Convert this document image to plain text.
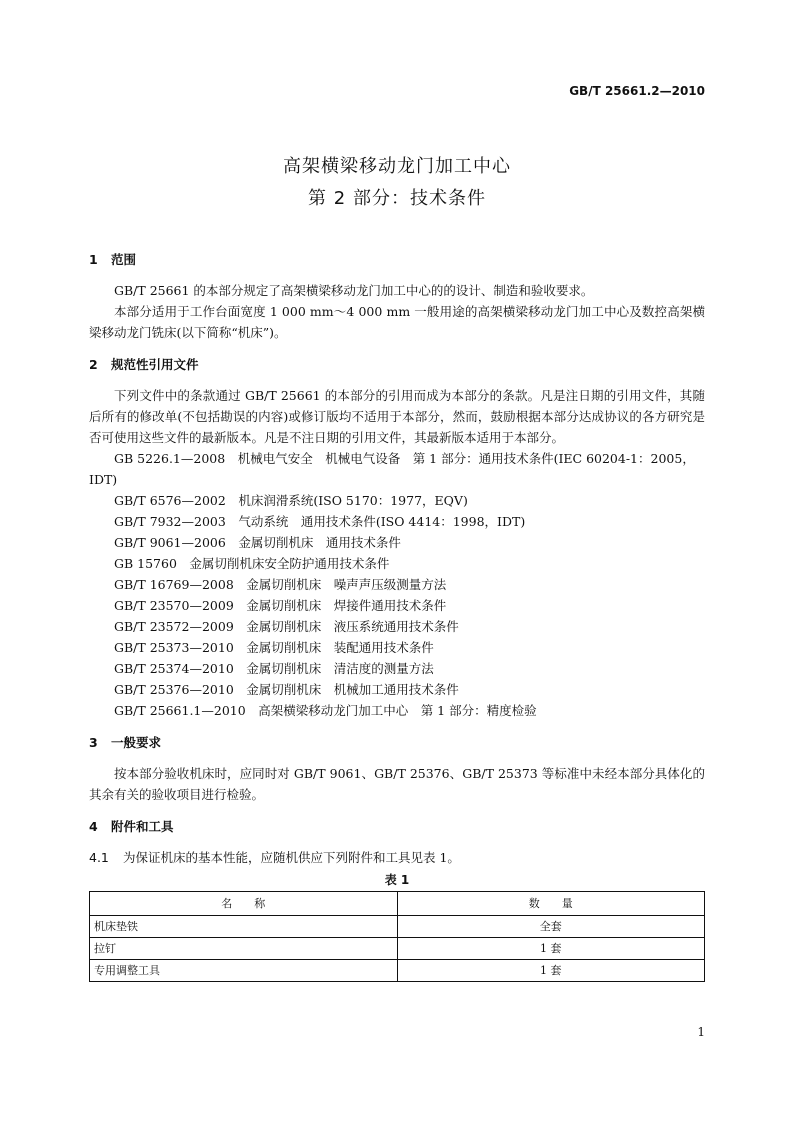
GB/T 25661.2—2010
高架横梁移动龙门加工中心
第 2 部分：技术条件
1 范围

GB/T 25661 的本部分规定了高架横梁移动龙门加工中心的的设计、制造和验收要求。

本部分适用于工作台面宽度 1 000 mm～4 000 mm 一般用途的高架横梁移动龙门加工中心及数控高架横梁移动龙门铣床(以下简称“机床”)。

2 规范性引用文件

下列文件中的条款通过 GB/T 25661 的本部分的引用而成为本部分的条款。凡是注日期的引用文件，其随后所有的修改单(不包括勘误的内容)或修订版均不适用于本部分，然而，鼓励根据本部分达成协议的各方研究是否可使用这些文件的最新版本。凡是不注日期的引用文件，其最新版本适用于本部分。

GB 5226.1—2008　机械电气安全　机械电气设备　第 1 部分：通用技术条件(IEC 60204-1：2005，IDT)

GB/T 6576—2002　机床润滑系统(ISO 5170：1977，EQV)

GB/T 7932—2003　气动系统　通用技术条件(ISO 4414：1998，IDT)

GB/T 9061—2006　金属切削机床　通用技术条件

GB 15760　金属切削机床安全防护通用技术条件

GB/T 16769—2008　金属切削机床　噪声声压级测量方法

GB/T 23570—2009　金属切削机床　焊接件通用技术条件

GB/T 23572—2009　金属切削机床　液压系统通用技术条件

GB/T 25373—2010　金属切削机床　装配通用技术条件

GB/T 25374—2010　金属切削机床　清洁度的测量方法

GB/T 25376—2010　金属切削机床　机械加工通用技术条件

GB/T 25661.1—2010　高架横梁移动龙门加工中心　第 1 部分：精度检验

3 一般要求

按本部分验收机床时，应同时对 GB/T 9061、GB/T 25376、GB/T 25373 等标准中未经本部分具体化的其余有关的验收项目进行检验。

4 附件和工具

4.1 为保证机床的基本性能，应随机供应下列附件和工具见表 1。

表 1
名　　称	数　　量
机床垫铁	全套
拉钉	1 套
专用调整工具	1 套
1
